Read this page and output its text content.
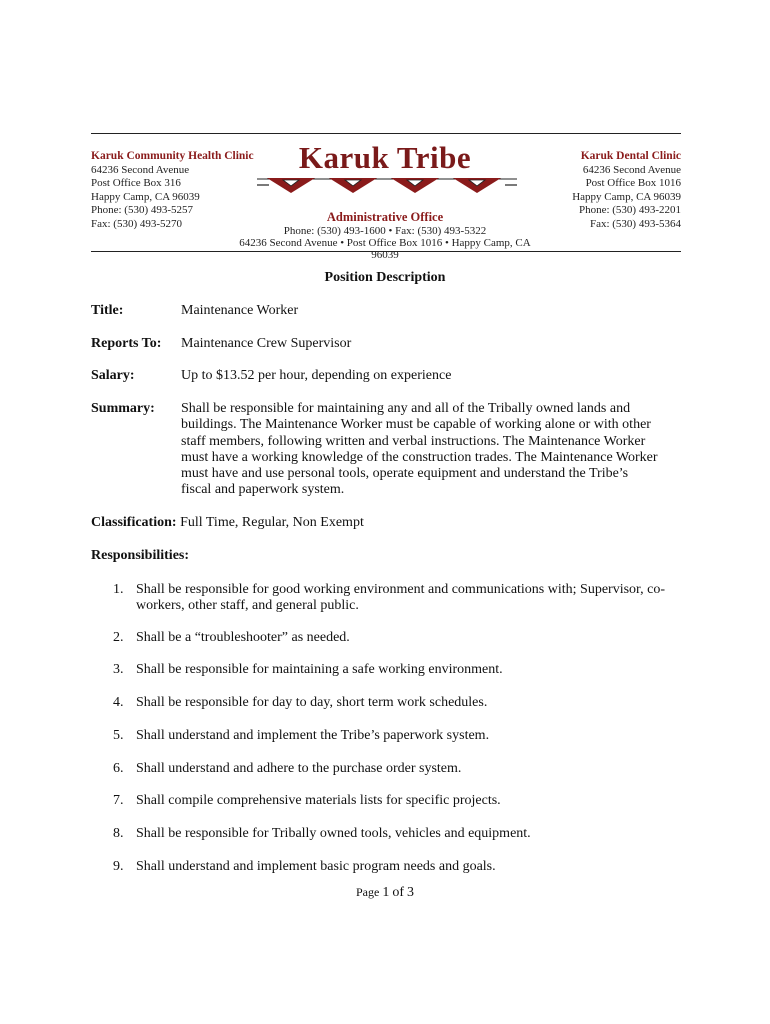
Karuk Community Health Clinic
64236 Second Avenue
Post Office Box 316
Happy Camp, CA 96039
Phone: (530) 493-5257
Fax: (530) 493-5270
Karuk Tribe	Karuk Dental Clinic
64236 Second Avenue
Post Office Box 1016
Happy Camp, CA 96039
Phone: (530) 493-2201
Fax: (530) 493-5364
Administrative Office
Phone: (530) 493-1600 • Fax: (530) 493-5322
64236 Second Avenue • Post Office Box 1016 • Happy Camp, CA 96039
Position Description
Title:	Maintenance Worker
Reports To: Maintenance Crew Supervisor
Salary:	Up to $13.52 per hour, depending on experience
Summary: Shall be responsible for maintaining any and all of the Tribally owned lands and buildings. The Maintenance Worker must be capable of working alone or with other staff members, following written and verbal instructions. The Maintenance Worker must have a working knowledge of the construction trades. The Maintenance Worker must have and use personal tools, operate equipment and understand the Tribe’s fiscal and paperwork system.
Classification: Full Time, Regular, Non Exempt
Responsibilities:
1. Shall be responsible for good working environment and communications with; Supervisor, co-workers, other staff, and general public.
2. Shall be a “troubleshooter” as needed.
3. Shall be responsible for maintaining a safe working environment.
4. Shall be responsible for day to day, short term work schedules.
5. Shall understand and implement the Tribe’s paperwork system.
6. Shall understand and adhere to the purchase order system.
7. Shall compile comprehensive materials lists for specific projects.
8. Shall be responsible for Tribally owned tools, vehicles and equipment.
9. Shall understand and implement basic program needs and goals.
Page 1 of 3
